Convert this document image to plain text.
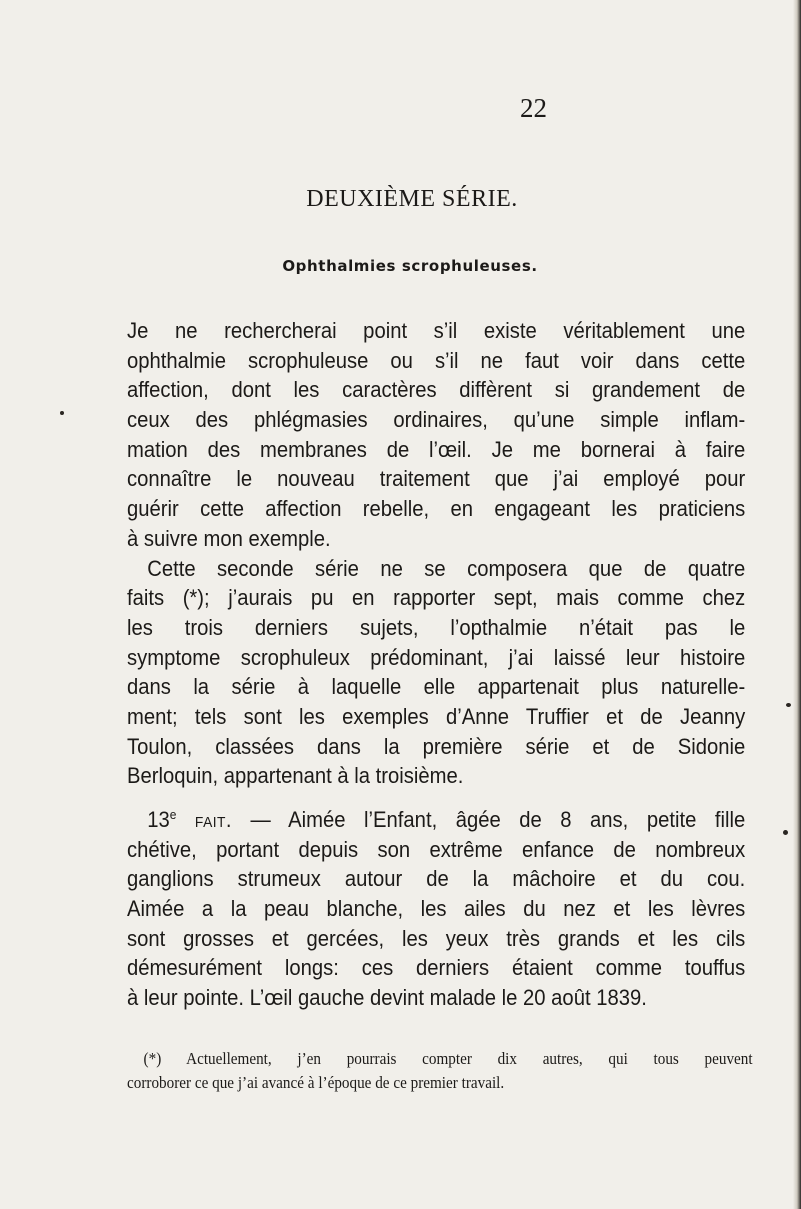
22
DEUXIÈME SÉRIE.
Ophthalmies scrophuleuses.
Je ne rechercherai point s’il existe véritablement une
ophthalmie scrophuleuse ou s’il ne faut voir dans cette
affection, dont les caractères diffèrent si grandement de
ceux des phlégmasies ordinaires, qu’une simple inflam-
mation des membranes de l’œil. Je me bornerai à faire
connaître le nouveau traitement que j’ai employé pour
guérir cette affection rebelle, en engageant les praticiens
à suivre mon exemple.
Cette seconde série ne se composera que de quatre
faits (*); j’aurais pu en rapporter sept, mais comme chez
les trois derniers sujets, l’opthalmie n’était pas le
symptome scrophuleux prédominant, j’ai laissé leur histoire
dans la série à laquelle elle appartenait plus naturelle-
ment; tels sont les exemples d’Anne Truffier et de Jeanny
Toulon, classées dans la première série et de Sidonie
Berloquin, appartenant à la troisième.
13e fait. — Aimée l’Enfant, âgée de 8 ans, petite fille
chétive, portant depuis son extrême enfance de nombreux
ganglions strumeux autour de la mâchoire et du cou.
Aimée a la peau blanche, les ailes du nez et les lèvres
sont grosses et gercées, les yeux très grands et les cils
démesurément longs: ces derniers étaient comme touffus
à leur pointe. L’œil gauche devint malade le 20 août 1839.
(*) Actuellement, j’en pourrais compter dix autres, qui tous peuvent
corroborer ce que j’ai avancé à l’époque de ce premier travail.
